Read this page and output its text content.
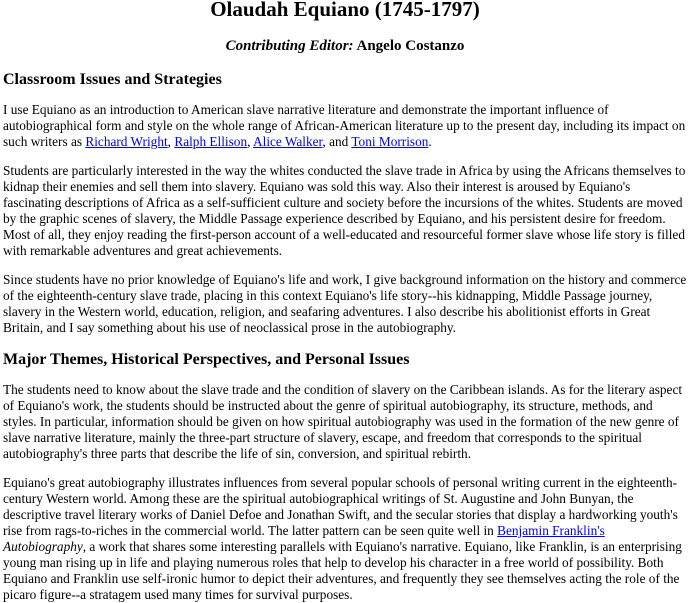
Olaudah Equiano (1745-1797)
Contributing Editor: Angelo Costanzo
Classroom Issues and Strategies

I use Equiano as an introduction to American slave narrative literature and demonstrate the important influence of autobiographical form and style on the whole range of African-American literature up to the present day, including its impact on such writers as Richard Wright, Ralph Ellison, Alice Walker, and Toni Morrison.

Students are particularly interested in the way the whites conducted the slave trade in Africa by using the Africans themselves to kidnap their enemies and sell them into slavery. Equiano was sold this way. Also their interest is aroused by Equiano's fascinating descriptions of Africa as a self-sufficient culture and society before the incursions of the whites. Students are moved by the graphic scenes of slavery, the Middle Passage experience described by Equiano, and his persistent desire for freedom. Most of all, they enjoy reading the first-person account of a well-educated and resourceful former slave whose life story is filled with remarkable adventures and great achievements.

Since students have no prior knowledge of Equiano's life and work, I give background information on the history and commerce of the eighteenth-century slave trade, placing in this context Equiano's life story--his kidnapping, Middle Passage journey, slavery in the Western world, education, religion, and seafaring adventures. I also describe his abolitionist efforts in Great Britain, and I say something about his use of neoclassical prose in the autobiography.

Major Themes, Historical Perspectives, and Personal Issues

The students need to know about the slave trade and the condition of slavery on the Caribbean islands. As for the literary aspect of Equiano's work, the students should be instructed about the genre of spiritual autobiography, its structure, methods, and styles. In particular, information should be given on how spiritual autobiography was used in the formation of the new genre of slave narrative literature, mainly the three-part structure of slavery, escape, and freedom that corresponds to the spiritual autobiography's three parts that describe the life of sin, conversion, and spiritual rebirth.

Equiano's great autobiography illustrates influences from several popular schools of personal writing current in the eighteenth-century Western world. Among these are the spiritual autobiographical writings of St. Augustine and John Bunyan, the descriptive travel literary works of Daniel Defoe and Jonathan Swift, and the secular stories that display a hardworking youth's rise from rags-to-riches in the commercial world. The latter pattern can be seen quite well in Benjamin Franklin's Autobiography, a work that shares some interesting parallels with Equiano's narrative. Equiano, like Franklin, is an enterprising young man rising up in life and playing numerous roles that help to develop his character in a free world of possibility. Both Equiano and Franklin use self-ironic humor to depict their adventures, and frequently they see themselves acting the role of the picaro figure--a stratagem used many times for survival purposes.
